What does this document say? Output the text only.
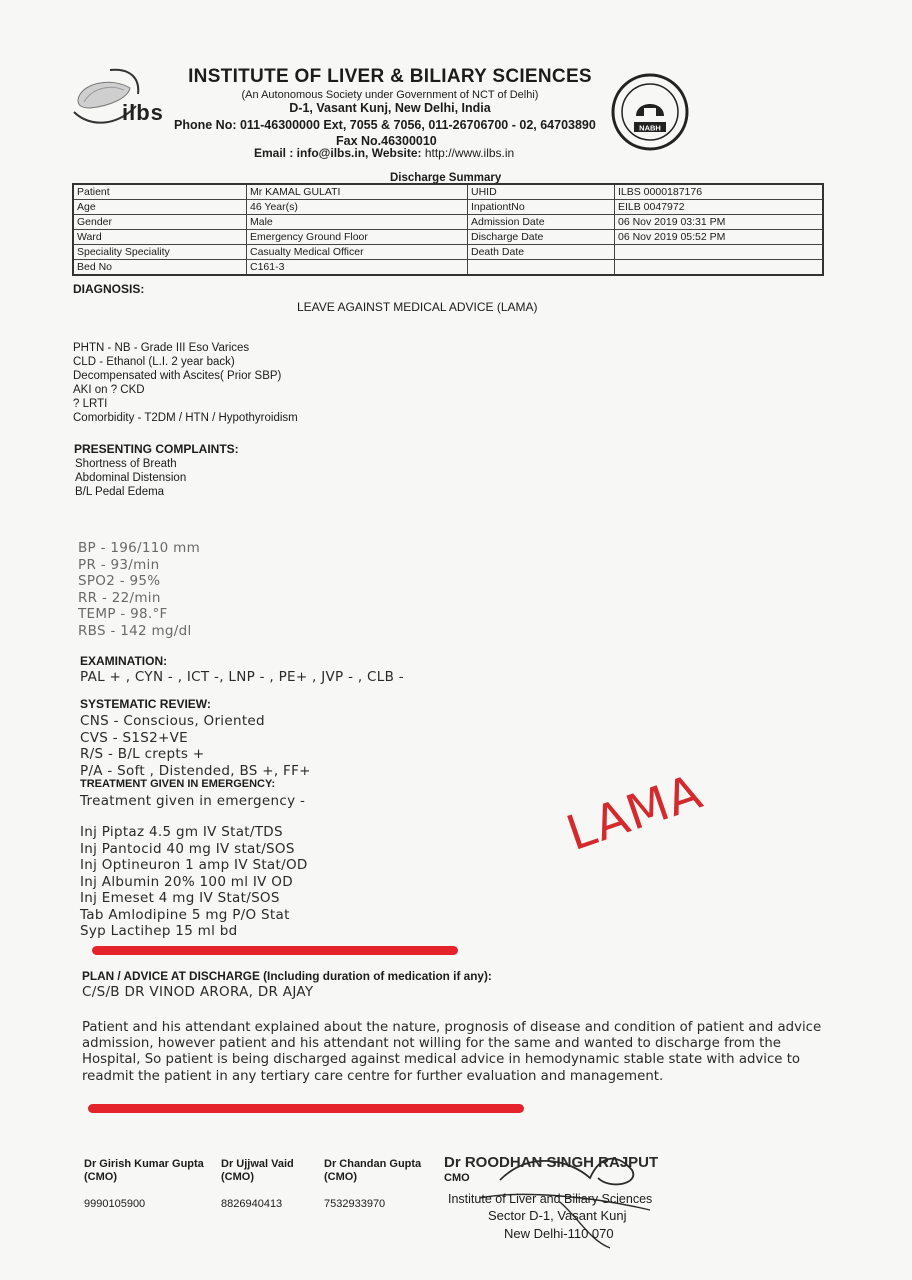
ilbs
INSTITUTE OF LIVER & BILIARY SCIENCES
(An Autonomous Society under Government of NCT of Delhi)
D-1, Vasant Kunj, New Delhi, India
Phone No: 011-46300000 Ext, 7055 & 7056, 011-26706700 - 02, 64703890
Fax No.46300010
Email : info@ilbs.in, Website: http://www.ilbs.in
NABH
Discharge Summary
Patient	Mr KAMAL GULATI	UHID	ILBS 0000187176
Age	46 Year(s)	InpationtNo	EILB 0047972
Gender	Male	Admission Date	06 Nov 2019 03:31 PM
Ward	Emergency Ground Floor	Discharge Date	06 Nov 2019 05:52 PM
Speciality Speciality	Casualty Medical Officer	Death Date	
Bed No	C161-3		
DIAGNOSIS:
LEAVE AGAINST MEDICAL ADVICE (LAMA)
PHTN - NB - Grade III Eso Varices
CLD - Ethanol (L.I. 2 year back)
Decompensated with Ascites( Prior SBP)
AKI on ? CKD
? LRTI
Comorbidity - T2DM / HTN / Hypothyroidism
PRESENTING COMPLAINTS:
Shortness of Breath
Abdominal Distension
B/L Pedal Edema
BP - 196/110 mm
PR - 93/min
SPO2 - 95%
RR - 22/min
TEMP - 98.°F
RBS - 142 mg/dl
EXAMINATION:
PAL + , CYN - , ICT -, LNP - , PE+ , JVP - , CLB -
SYSTEMATIC REVIEW:
CNS - Conscious, Oriented
CVS - S1S2+VE
R/S - B/L crepts +
P/A - Soft , Distended, BS +, FF+
TREATMENT GIVEN IN EMERGENCY:
Treatment given in emergency -
Inj Piptaz 4.5 gm IV Stat/TDS
Inj Pantocid 40 mg IV stat/SOS
Inj Optineuron 1 amp IV Stat/OD
Inj Albumin 20% 100 ml IV OD
Inj Emeset 4 mg IV Stat/SOS
Tab Amlodipine 5 mg P/O Stat
Syp Lactihep 15 ml bd
LAMA
PLAN / ADVICE AT DISCHARGE (Including duration of medication if any):
C/S/B DR VINOD ARORA, DR AJAY
Patient and his attendant explained about the nature, prognosis of disease and condition of patient and advice admission, however patient and his attendant not willing for the same and wanted to discharge from the Hospital, So patient is being discharged against medical advice in hemodynamic stable state with advice to readmit the patient in any tertiary care centre for further evaluation and management.
Dr Girish Kumar Gupta
(CMO)
9990105900
Dr Ujjwal Vaid
(CMO)
8826940413
Dr Chandan Gupta
(CMO)
7532933970
Dr ROODHAN SINGH RAJPUT
CMO
Institute of Liver and Biliary Sciences
Sector D-1, Vasant Kunj
New Delhi-110 070
